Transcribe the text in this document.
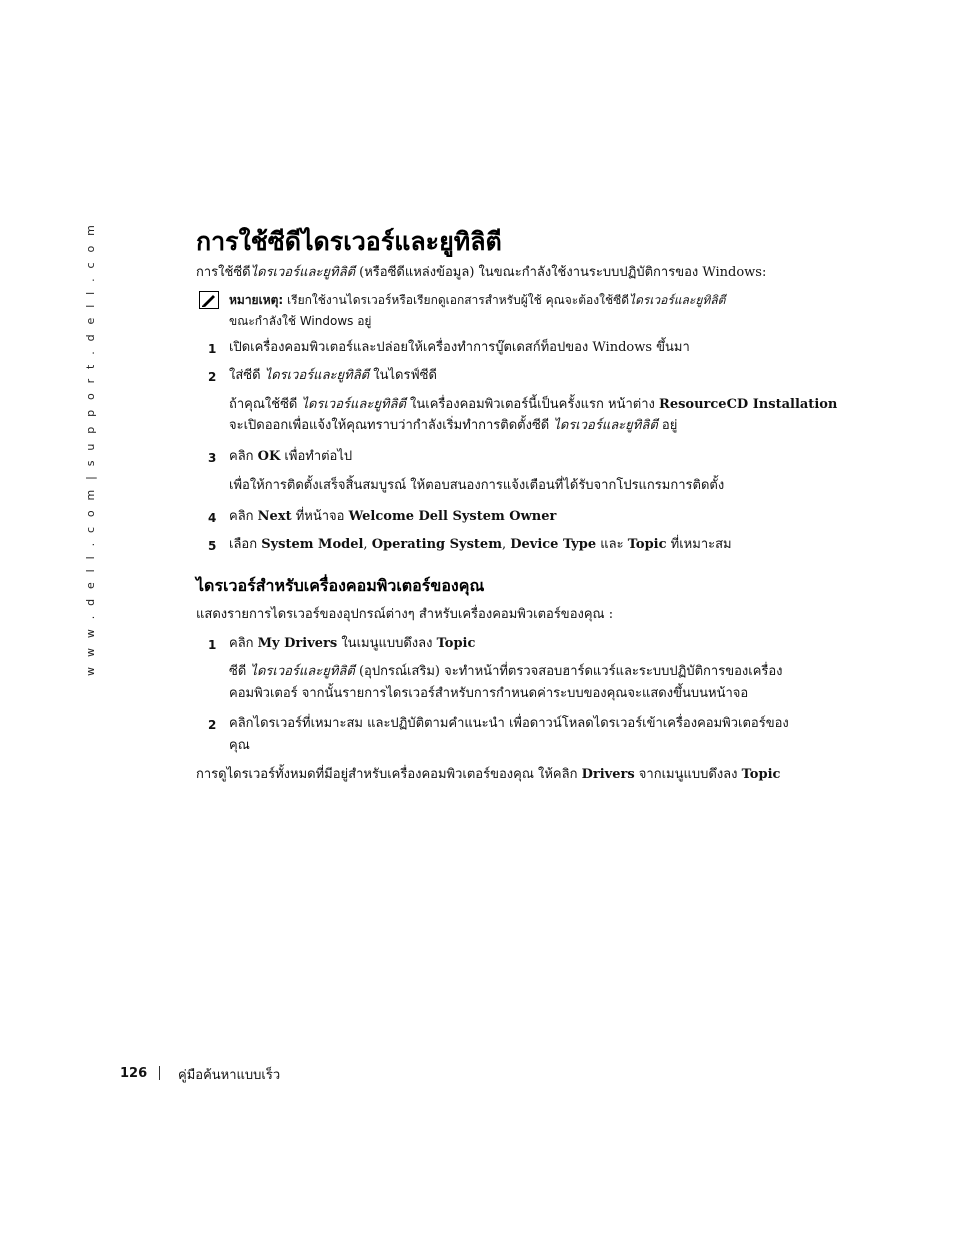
w w w . d e l l . c o m | s u p p o r t . d e l l . c o m	การใช้ซีดีไดรเวอร์และยูทิลิตี
การใช้ซีดีไดรเวอร์และยูทิลิตี (หรือซีดีแหล่งข้อมูล) ในขณะกำลังใช้งานระบบปฏิบัติการของ Windows:
หมายเหตุ: เรียกใช้งานไดรเวอร์หรือเรียกดูเอกสารสำหรับผู้ใช้ คุณจะต้องใช้ซีดีไดรเวอร์และยูทิลิตี
ขณะกำลังใช้ Windows อยู่
1 เปิดเครื่องคอมพิวเตอร์และปล่อยให้เครื่องทำการบู๊ตเดสก์ท็อปของ Windows ขึ้นมา
2 ใส่ซีดี ไดรเวอร์และยูทิลิตี ในไดรฟ์ซีดี
ถ้าคุณใช้ซีดี ไดรเวอร์และยูทิลิตี ในเครื่องคอมพิวเตอร์นี้เป็นครั้งแรก หน้าต่าง ResourceCD Installation
จะเปิดออกเพื่อแจ้งให้คุณทราบว่ากำลังเริ่มทำการติดตั้งซีดี ไดรเวอร์และยูทิลิตี อยู่
3 คลิก OK เพื่อทำต่อไป
เพื่อให้การติดตั้งเสร็จสิ้นสมบูรณ์ ให้ตอบสนองการแจ้งเตือนที่ได้รับจากโปรแกรมการติดตั้ง
4 คลิก Next ที่หน้าจอ Welcome Dell System Owner
5 เลือก System Model, Operating System, Device Type และ Topic ที่เหมาะสม
ไดรเวอร์สำหรับเครื่องคอมพิวเตอร์ของคุณ
แสดงรายการไดรเวอร์ของอุปกรณ์ต่างๆ สำหรับเครื่องคอมพิวเตอร์ของคุณ :
1 คลิก My Drivers ในเมนูแบบดึงลง Topic
ซีดี ไดรเวอร์และยูทิลิตี (อุปกรณ์เสริม) จะทำหน้าที่ตรวจสอบฮาร์ดแวร์และระบบปฏิบัติการของเครื่อง
คอมพิวเตอร์ จากนั้นรายการไดรเวอร์สำหรับการกำหนดค่าระบบของคุณจะแสดงขึ้นบนหน้าจอ
2 คลิกไดรเวอร์ที่เหมาะสม และปฏิบัติตามคำแนะนำ เพื่อดาวน์โหลดไดรเวอร์เข้าเครื่องคอมพิวเตอร์ของ
คุณ
การดูไดรเวอร์ทั้งหมดที่มีอยู่สำหรับเครื่องคอมพิวเตอร์ของคุณ ให้คลิก Drivers จากเมนูแบบดึงลง Topic
126 คู่มือค้นหาแบบเร็ว
